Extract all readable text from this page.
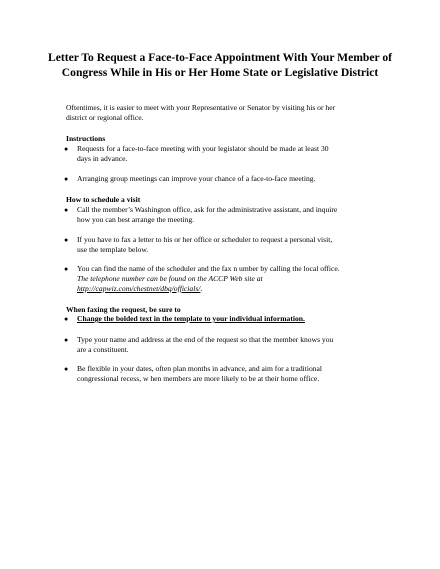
Letter To Request a Face-to-Face Appointment With Your Member of
Congress While in His or Her Home State or Legislative District
Oftentimes, it is easier to meet with your Representative or Senator by visiting his or her
district or regional office.
Instructions
● Requests for a face-to-face meeting with your legislator should be made at least 30
days in advance.
● Arranging group meetings can improve your chance of a face-to-face meeting.
How to schedule a visit
● Call the member’s Washington office, ask for the administrative assistant, and inquire
how you can best arrange the meeting.
● If you have to fax a letter to his or her office or scheduler to request a personal visit,
use the template below.
● You can find the name of the scheduler and the fax n umber by calling the local office.
The telephone number can be found on the ACCP Web site at
http://capwiz.com/chestnet/dbq/officials/.
When faxing the request, be sure to
● Change the bolded text in the template to your individual information.
● Type your name and address at the end of the request so that the member knows you
are a constituent.
● Be flexible in your dates, often plan months in advance, and aim for a traditional
congressional recess, w hen members are more likely to be at their home office.
